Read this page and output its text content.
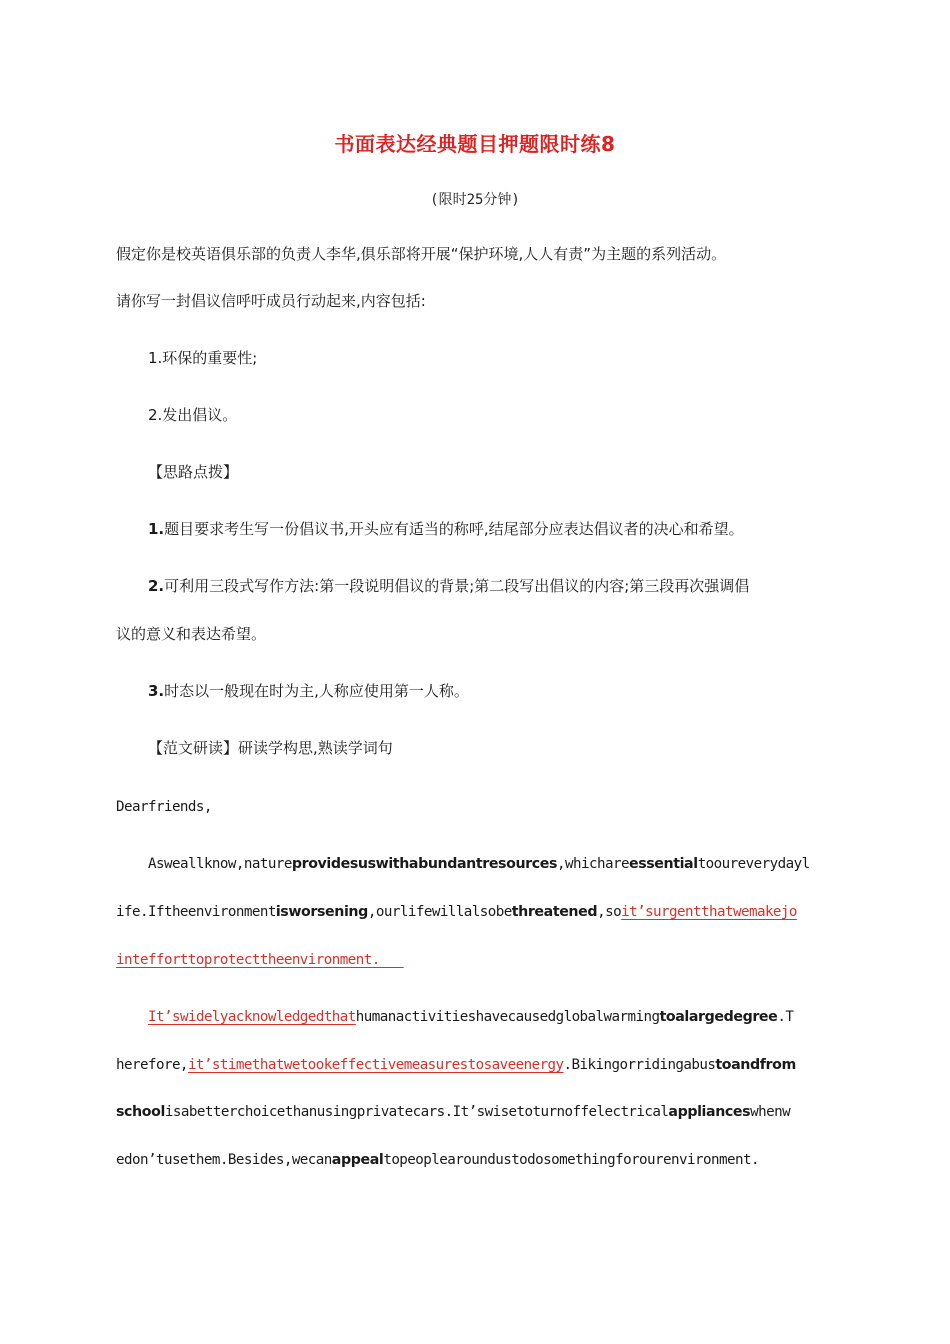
书面表达经典题目押题限时练8
(限时25分钟)
假定你是校英语俱乐部的负责人李华,俱乐部将开展“保护环境,人人有责”为主题的系列活动。
请你写一封倡议信呼吁成员行动起来,内容包括:
1.环保的重要性;
2.发出倡议。
【思路点拨】
1.题目要求考生写一份倡议书,开头应有适当的称呼,结尾部分应表达倡议者的决心和希望。
2.可利用三段式写作方法:第一段说明倡议的背景;第二段写出倡议的内容;第三段再次强调倡
议的意义和表达希望。
3.时态以一般现在时为主,人称应使用第一人称。
【范文研读】研读学构思,熟读学词句
Dearfriends,
Asweallknow,natureprovidesuswithabundantresources,whichareessentialtooureverydayl
ife.Iftheenvironmentisworsening,ourlifewillalsobethreatened,soit’surgentthatwemakejo
intefforttoprotecttheenvironment.
It’swidelyacknowledgedthathumanactivitieshavecausedglobalwarmingtoalargedegree.T
herefore,it’stimethatwetookeffectivemeasurestosaveenergy.Bikingorridingabustoandfrom
schoolisabetterchoicethanusingprivatecars.It’swisetoturnoffelectricalapplianceswhenw
edon’tusethem.Besides,wecanappealtopeoplearoundustodosomethingforourenvironment.
